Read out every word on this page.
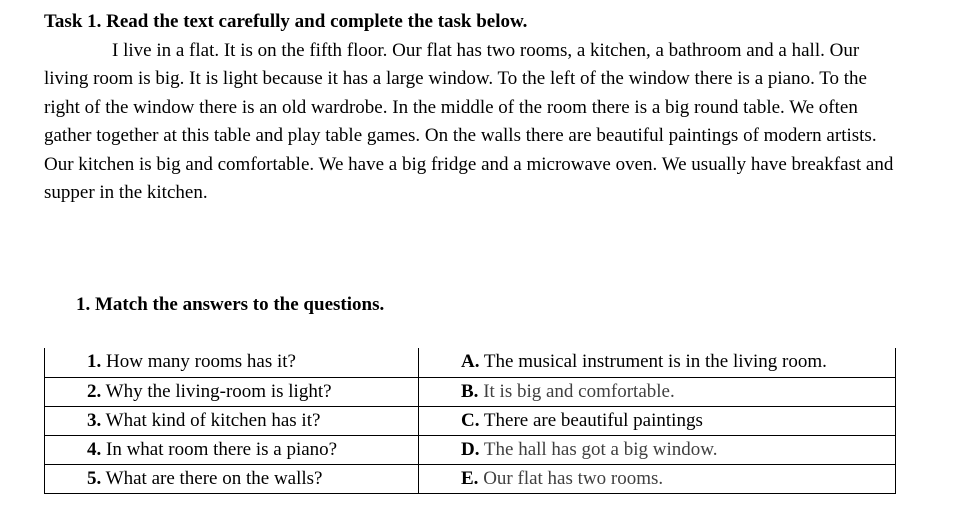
Task 1. Read the text carefully and complete the task below.

I live in a flat. It is on the fifth floor. Our flat has two rooms, a kitchen, a bathroom and a hall. Our living room is big. It is light because it has a large window. To the left of the window there is a piano. To the right of the window there is an old wardrobe. In the middle of the room there is a big round table. We often gather together at this table and play table games. On the walls there are beautiful paintings of modern artists.

Our kitchen is big and comfortable. We have a big fridge and a microwave oven. We usually have breakfast and supper in the kitchen.

1. Match the answers to the questions.
1. How many rooms has it?	A. The musical instrument is in the living room.
2. Why the living-room is light?	B. It is big and comfortable.
3. What kind of kitchen has it?	C. There are beautiful paintings
4. In what room there is a piano?	D. The hall has got a big window.
5. What are there on the walls?	E. Our flat has two rooms.
